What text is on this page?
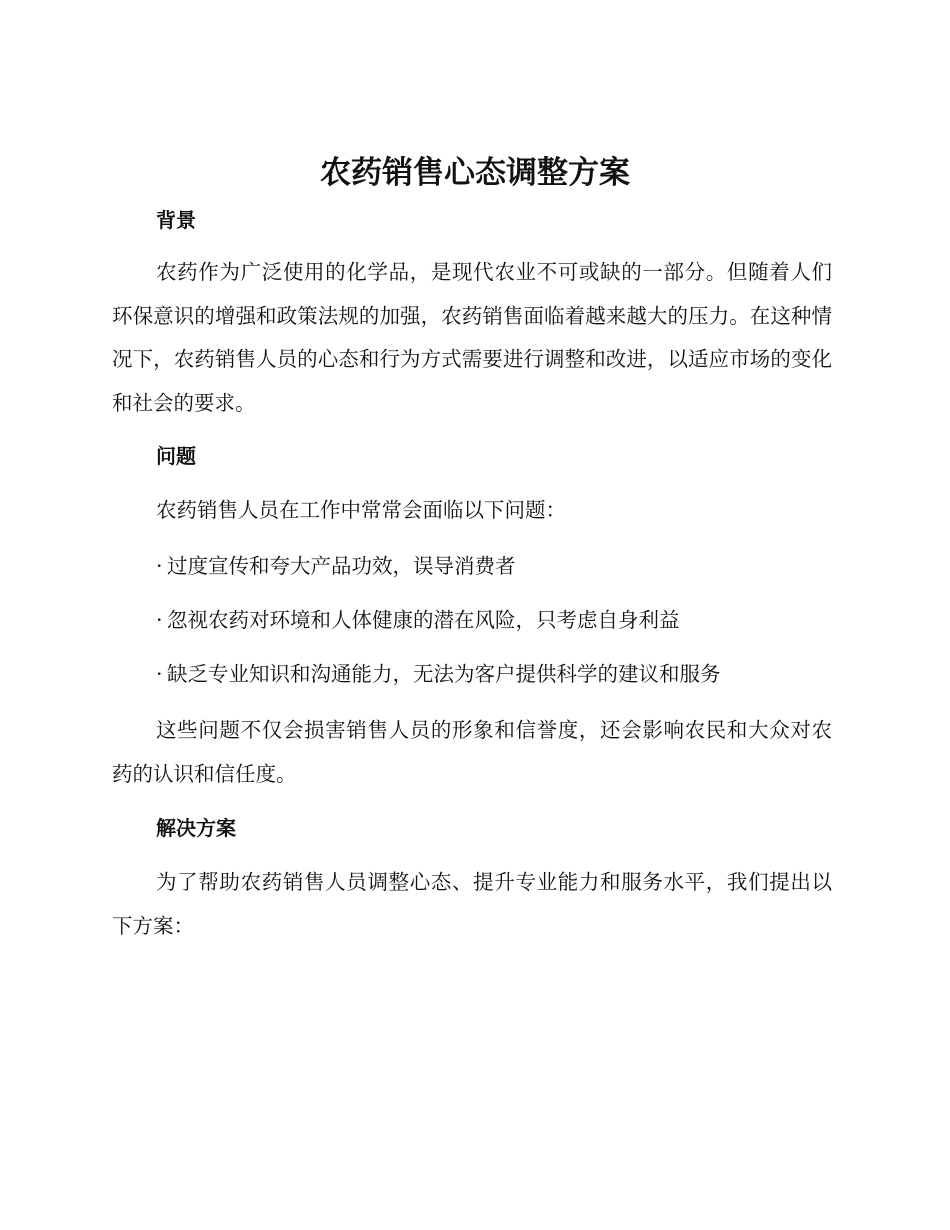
农药销售心态调整方案
背景

农药作为广泛使用的化学品，是现代农业不可或缺的一部分。但随着人们环保意识的增强和政策法规的加强，农药销售面临着越来越大的压力。在这种情况下，农药销售人员的心态和行为方式需要进行调整和改进，以适应市场的变化和社会的要求。

问题

农药销售人员在工作中常常会面临以下问题：

· 过度宣传和夸大产品功效，误导消费者

· 忽视农药对环境和人体健康的潜在风险，只考虑自身利益

· 缺乏专业知识和沟通能力，无法为客户提供科学的建议和服务

这些问题不仅会损害销售人员的形象和信誉度，还会影响农民和大众对农药的认识和信任度。

解决方案

为了帮助农药销售人员调整心态、提升专业能力和服务水平，我们提出以下方案：
